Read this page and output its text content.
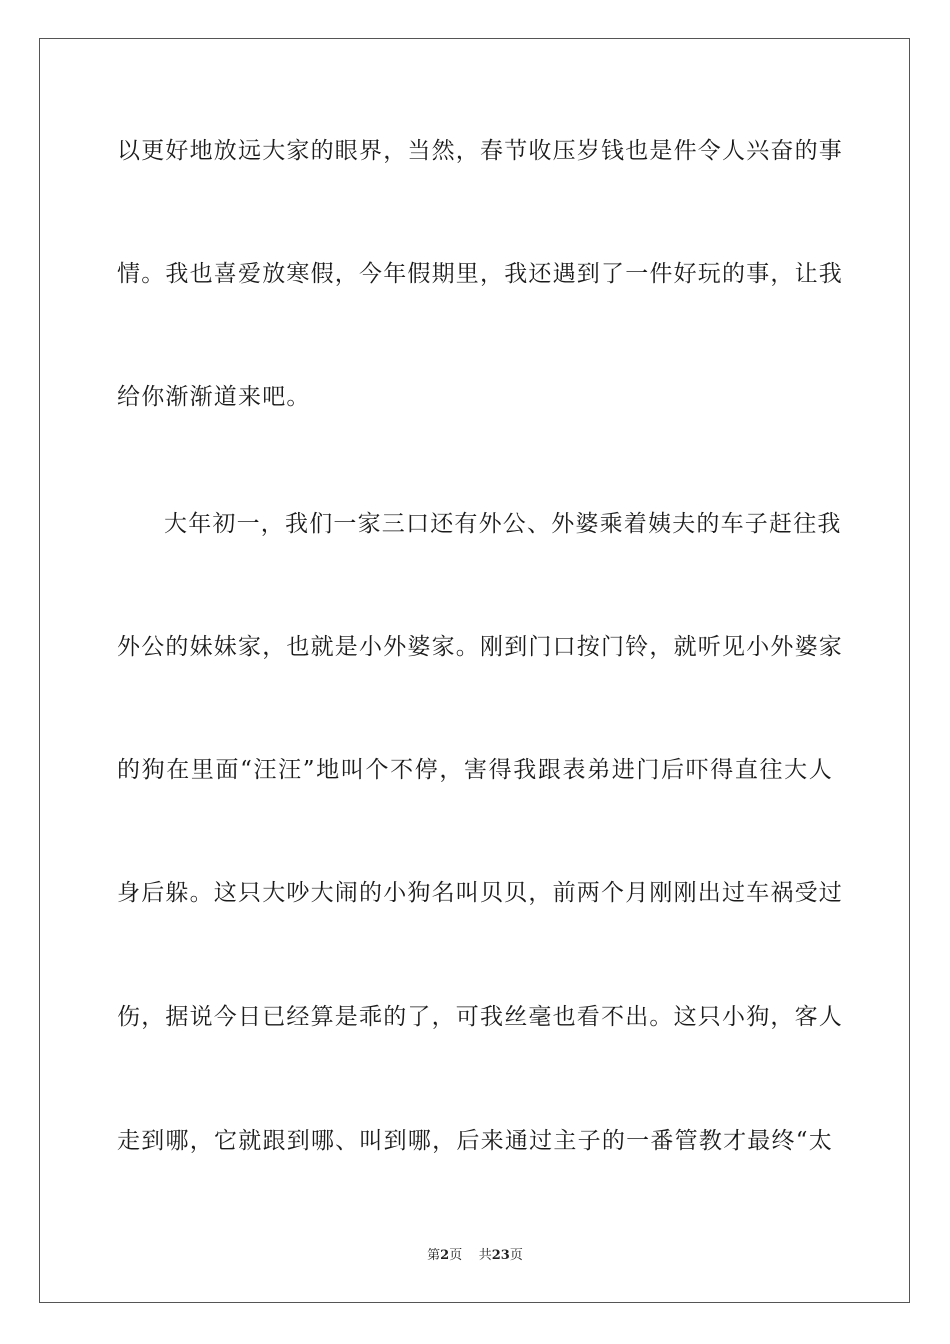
以更好地放远大家的眼界，当然，春节收压岁钱也是件令人兴奋的事
情。我也喜爱放寒假，今年假期里，我还遇到了一件好玩的事，让我
给你渐渐道来吧。
大年初一，我们一家三口还有外公、外婆乘着姨夫的车子赶往我
外公的妹妹家，也就是小外婆家。刚到门口按门铃，就听见小外婆家
的狗在里面“汪汪”地叫个不停，害得我跟表弟进门后吓得直往大人
身后躲。这只大吵大闹的小狗名叫贝贝，前两个月刚刚出过车祸受过
伤，据说今日已经算是乖的了，可我丝毫也看不出。这只小狗，客人
走到哪，它就跟到哪、叫到哪，后来通过主子的一番管教才最终“太
第2页 共23页
